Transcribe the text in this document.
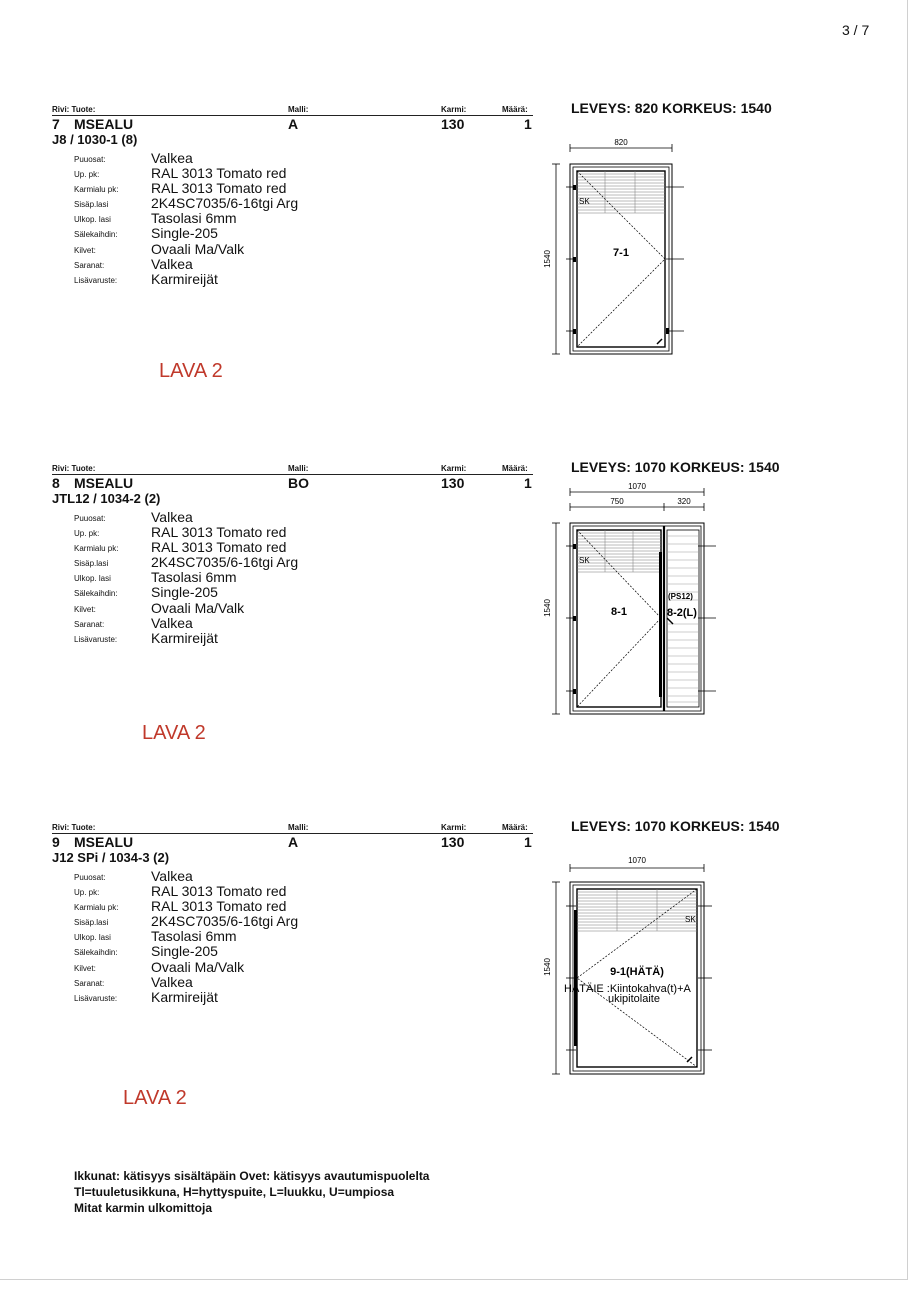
3 / 7
Rivi: Tuote:	Malli:	Karmi:	Määrä:
7 MSEALU	A	130	1
J8 / 1030-1 (8)
Puuosat:	Valkea
Up. pk:	RAL 3013 Tomato red
Karmialu pk: RAL 3013 Tomato red
Sisäp.lasi	2K4SC7035/6-16tgi Arg
Ulkop. lasi	Tasolasi 6mm
Sälekaihdin: Single-205
Kilvet:	Ovaali Ma/Valk
Saranat:	Valkea
Lisävaruste: Karmireijät
LAVA 2
LEVEYS: 820 KORKEUS: 1540
820
1540
SK
7-1
Rivi: Tuote:	Malli:	Karmi:	Määrä:
8 MSEALU	BO	130	1
JTL12 / 1034-2 (2)
Puuosat:	Valkea
Up. pk:	RAL 3013 Tomato red
Karmialu pk: RAL 3013 Tomato red
Sisäp.lasi	2K4SC7035/6-16tgi Arg
Ulkop. lasi	Tasolasi 6mm
Sälekaihdin: Single-205
Kilvet:	Ovaali Ma/Valk
Saranat:	Valkea
Lisävaruste: Karmireijät
LAVA 2
LEVEYS: 1070 KORKEUS: 1540
1070
750	320
1540
SK
8-1
(PS12)
8-2(L)
Rivi: Tuote:	Malli:	Karmi:	Määrä:
9 MSEALU	A	130	1
J12 SPi / 1034-3 (2)
Puuosat:	Valkea
Up. pk:	RAL 3013 Tomato red
Karmialu pk: RAL 3013 Tomato red
Sisäp.lasi	2K4SC7035/6-16tgi Arg
Ulkop. lasi	Tasolasi 6mm
Sälekaihdin: Single-205
Kilvet:	Ovaali Ma/Valk
Saranat:	Valkea
Lisävaruste: Karmireijät
LAVA 2
LEVEYS: 1070 KORKEUS: 1540
1070
1540
SK
9-1(HÄTÄ)
HÄTÄIE :Kiintokahva(t)+A
ukipitolaite
Ikkunat: kätisyys sisältäpäin Ovet: kätisyys avautumispuolelta
Tl=tuuletusikkuna, H=hyttyspuite, L=luukku, U=umpiosa
Mitat karmin ulkomittoja
